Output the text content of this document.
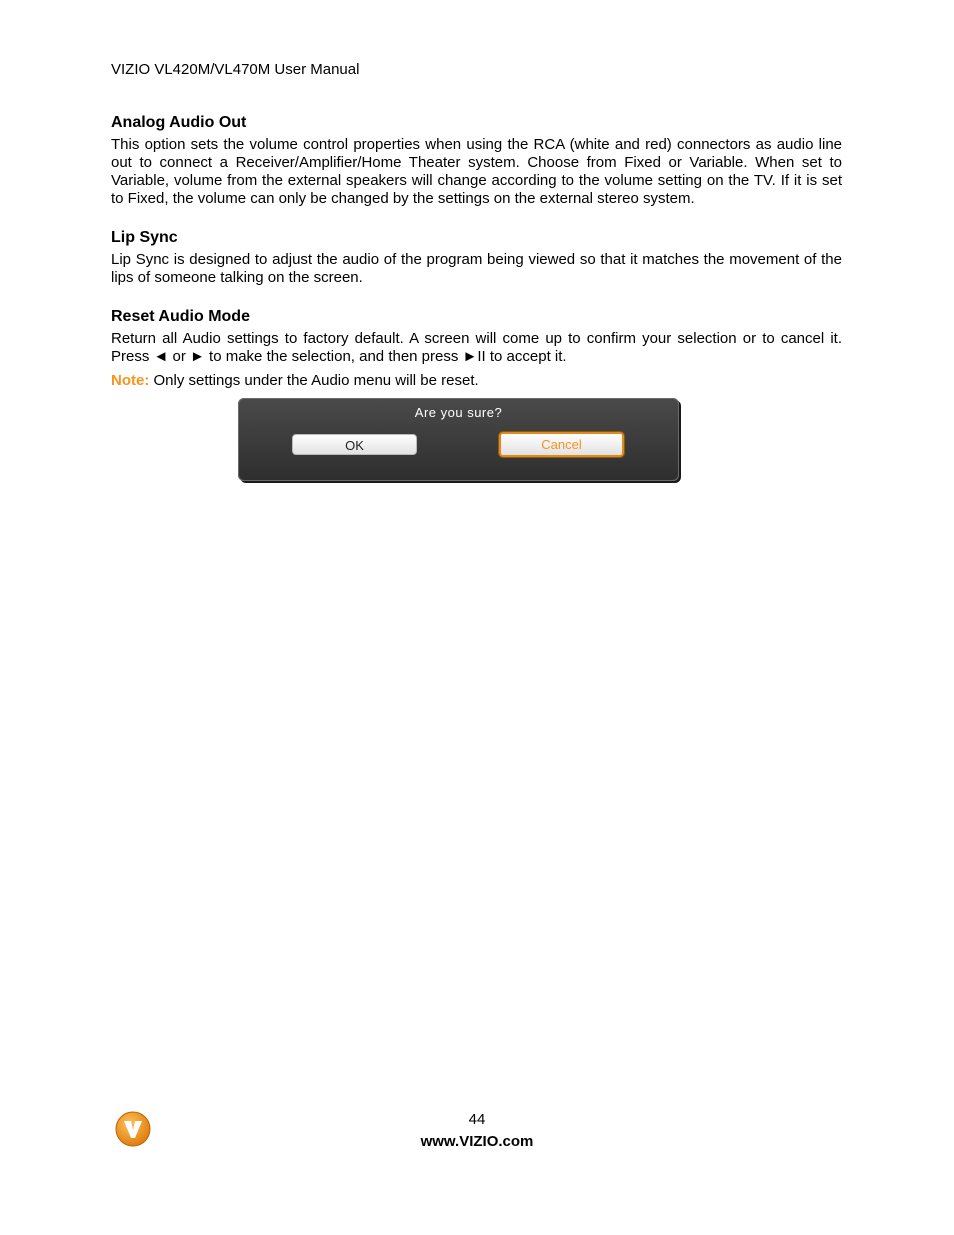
VIZIO VL420M/VL470M User Manual
Analog Audio Out

This option sets the volume control properties when using the RCA (white and red) connectors as audio line out to connect a Receiver/Amplifier/Home Theater system. Choose from Fixed or Variable. When set to Variable, volume from the external speakers will change according to the volume setting on the TV. If it is set to Fixed, the volume can only be changed by the settings on the external stereo system.

Lip Sync

Lip Sync is designed to adjust the audio of the program being viewed so that it matches the movement of the lips of someone talking on the screen.

Reset Audio Mode

Return all Audio settings to factory default. A screen will come up to confirm your selection or to cancel it. Press ◄ or ► to make the selection, and then press ►II to accept it.

Note: Only settings under the Audio menu will be reset.
Are you sure?
OK	Cancel
44
www.VIZIO.com
